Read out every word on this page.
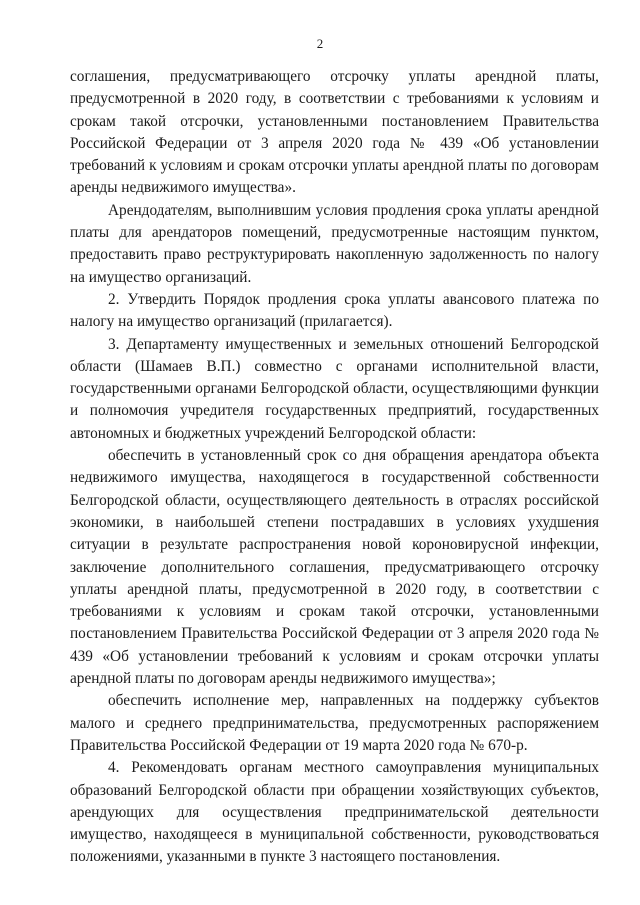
2

соглашения, предусматривающего отсрочку уплаты арендной платы, предусмотренной в 2020 году, в соответствии с требованиями к условиям и срокам такой отсрочки, установленными постановлением Правительства Российской Федерации от 3 апреля 2020 года № 439 «Об установлении требований к условиям и срокам отсрочки уплаты арендной платы по договорам аренды недвижимого имущества».

Арендодателям, выполнившим условия продления срока уплаты арендной платы для арендаторов помещений, предусмотренные настоящим пунктом, предоставить право реструктурировать накопленную задолженность по налогу на имущество организаций.

2. Утвердить Порядок продления срока уплаты авансового платежа по налогу на имущество организаций (прилагается).

3. Департаменту имущественных и земельных отношений Белгородской области (Шамаев В.П.) совместно с органами исполнительной власти, государственными органами Белгородской области, осуществляющими функции и полномочия учредителя государственных предприятий, государственных автономных и бюджетных учреждений Белгородской области:

обеспечить в установленный срок со дня обращения арендатора объекта недвижимого имущества, находящегося в государственной собственности Белгородской области, осуществляющего деятельность в отраслях российской экономики, в наибольшей степени пострадавших в условиях ухудшения ситуации в результате распространения новой короновирусной инфекции, заключение дополнительного соглашения, предусматривающего отсрочку уплаты арендной платы, предусмотренной в 2020 году, в соответствии с требованиями к условиям и срокам такой отсрочки, установленными постановлением Правительства Российской Федерации от 3 апреля 2020 года № 439 «Об установлении требований к условиям и срокам отсрочки уплаты арендной платы по договорам аренды недвижимого имущества»;

обеспечить исполнение мер, направленных на поддержку субъектов малого и среднего предпринимательства, предусмотренных распоряжением Правительства Российской Федерации от 19 марта 2020 года № 670-р.

4. Рекомендовать органам местного самоуправления муниципальных образований Белгородской области при обращении хозяйствующих субъектов, арендующих для осуществления предпринимательской деятельности имущество, находящееся в муниципальной собственности, руководствоваться положениями, указанными в пункте 3 настоящего постановления.
